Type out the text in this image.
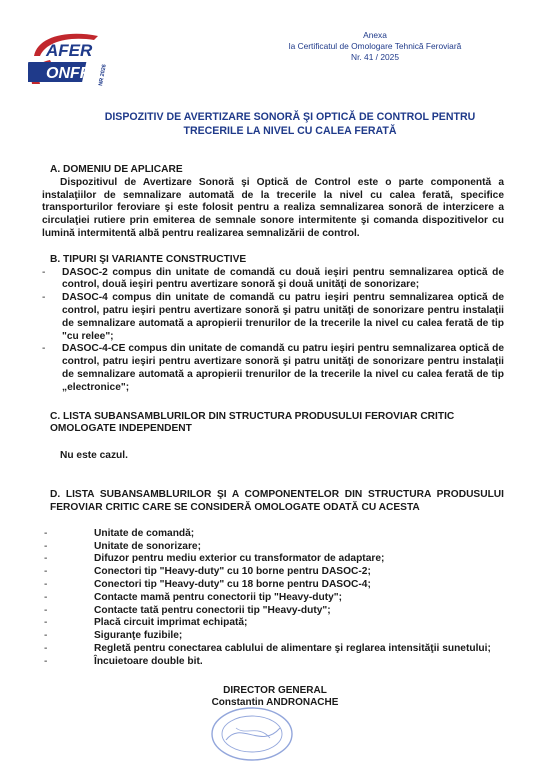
AFER
ONFR NR 2026
Anexa
la Certificatul de Omologare Tehnică Feroviară
Nr. 41 / 2025
DISPOZITIV DE AVERTIZARE SONORĂ ŞI OPTICĂ DE CONTROL PENTRU
TRECERILE LA NIVEL CU CALEA FERATĂ

A. DOMENIU DE APLICARE

Dispozitivul de Avertizare Sonoră şi Optică de Control este o parte componentă a instalaţiilor de semnalizare automată de la trecerile la nivel cu calea ferată, specifice transporturilor feroviare şi este folosit pentru a realiza semnalizarea sonoră de interzicere a circulaţiei rutiere prin emiterea de semnale sonore intermitente şi comanda dispozitivelor cu lumină intermitentă albă pentru realizarea semnalizării de control.

B. TIPURI ŞI VARIANTE CONSTRUCTIVE

- DASOC-2 compus din unitate de comandă cu două ieşiri pentru semnalizarea optică de control, două ieşiri pentru avertizare sonoră şi două unităţi de sonorizare;
- DASOC-4 compus din unitate de comandă cu patru ieşiri pentru semnalizarea optică de control, patru ieşiri pentru avertizare sonoră şi patru unităţi de sonorizare pentru instalaţii de semnalizare automată a apropierii trenurilor de la trecerile la nivel cu calea ferată de tip "cu relee";
- DASOC-4-CE compus din unitate de comandă cu patru ieşiri pentru semnalizarea optică de control, patru ieşiri pentru avertizare sonoră şi patru unităţi de sonorizare pentru instalaţii de semnalizare automată a apropierii trenurilor de la trecerile la nivel cu calea ferată de tip „electronice";

C. LISTA SUBANSAMBLURILOR DIN STRUCTURA PRODUSULUI FEROVIAR CRITIC OMOLOGATE INDEPENDENT

Nu este cazul.

D. LISTA SUBANSAMBLURILOR ŞI A COMPONENTELOR DIN STRUCTURA PRODUSULUI FEROVIAR CRITIC CARE SE CONSIDERĂ OMOLOGATE ODATĂ CU ACESTA

- Unitate de comandă;
- Unitate de sonorizare;
- Difuzor pentru mediu exterior cu transformator de adaptare;
- Conectori tip "Heavy-duty" cu 10 borne pentru DASOC-2;
- Conectori tip "Heavy-duty" cu 18 borne pentru DASOC-4;
- Contacte mamă pentru conectorii tip "Heavy-duty";
- Contacte tată pentru conectorii tip "Heavy-duty";
- Placă circuit imprimat echipată;
- Siguranţe fuzibile;
- Regletă pentru conectarea cablului de alimentare şi reglarea intensităţii sunetului;
- Încuietoare double bit.
DIRECTOR GENERAL
Constantin ANDRONACHE
